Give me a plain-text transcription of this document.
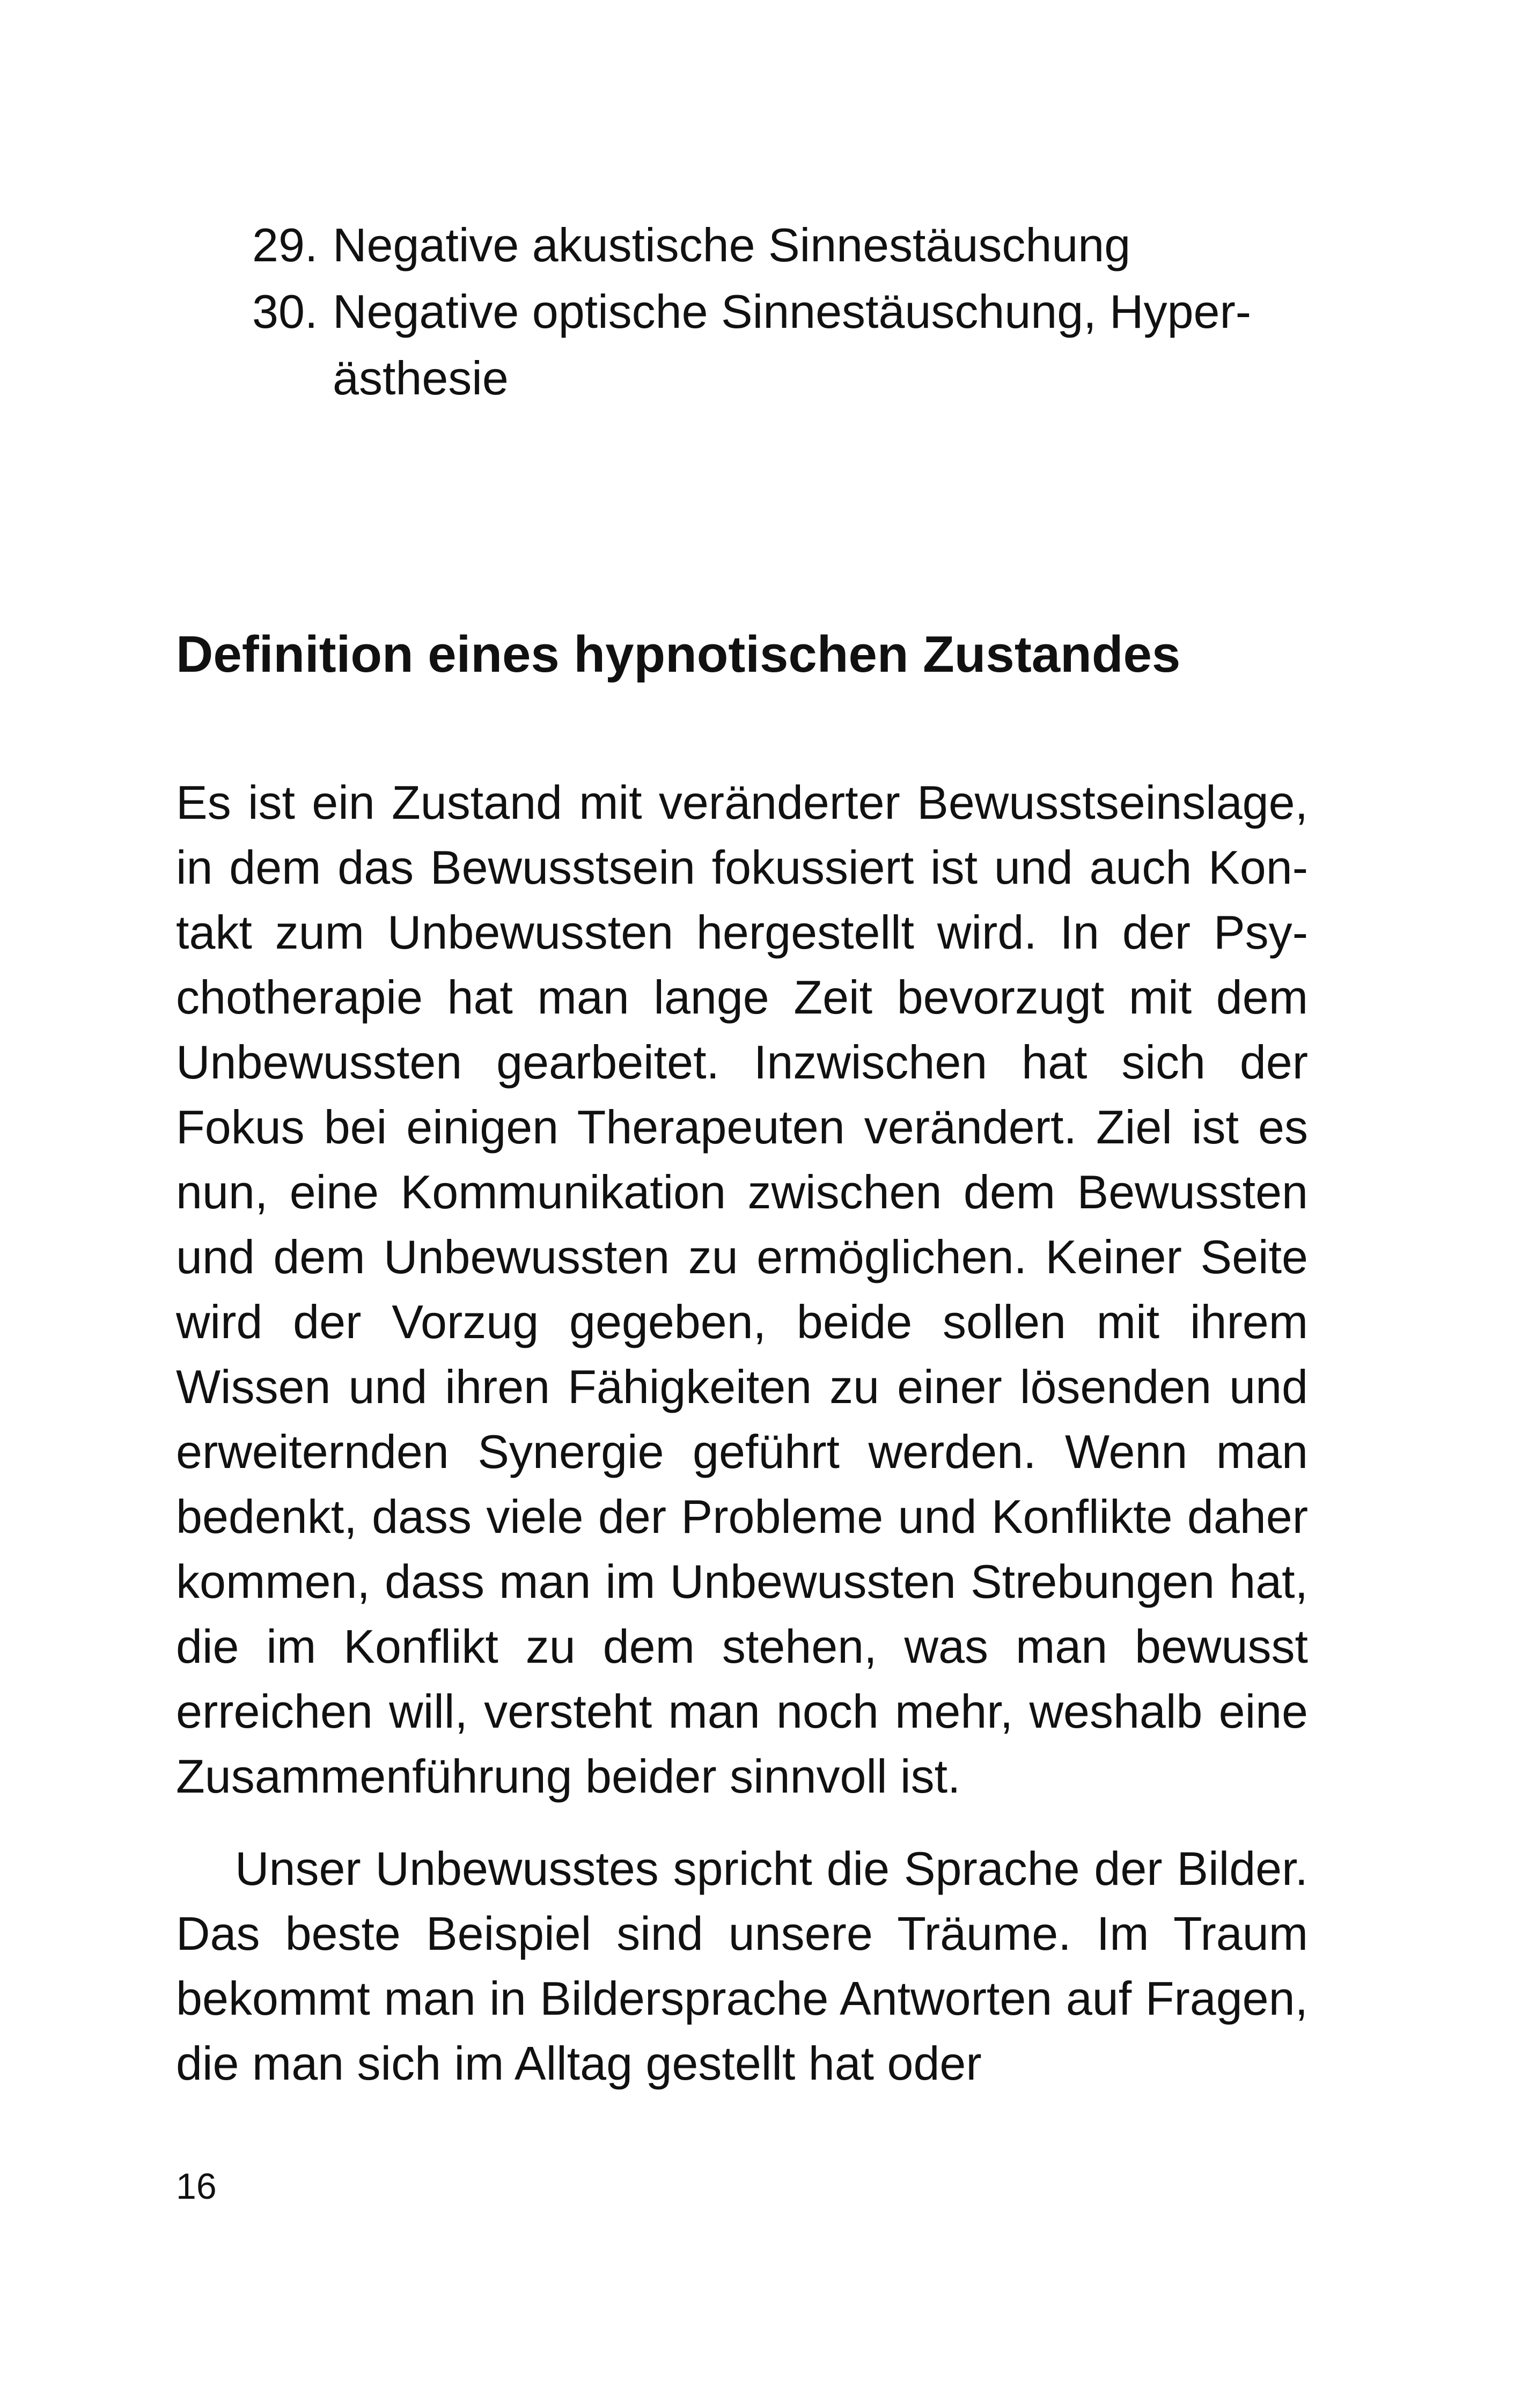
29. Negative akustische Sinnestäuschung
30. Negative optische Sinnestäuschung, Hyperästhesie
Definition eines hypnotischen Zustandes

Es ist ein Zustand mit veränderter Bewusstseinslage, in dem das Bewusstsein fokussiert ist und auch Kontakt zum Unbewussten hergestellt wird. In der Psychotherapie hat man lange Zeit bevorzugt mit dem Unbewussten gearbeitet. Inzwischen hat sich der Fokus bei einigen Therapeuten verändert. Ziel ist es nun, eine Kommunikation zwischen dem Bewussten und dem Unbewussten zu ermöglichen. Keiner Seite wird der Vorzug gegeben, beide sollen mit ihrem Wissen und ihren Fähigkeiten zu einer lösenden und erweiternden Synergie geführt werden. Wenn man bedenkt, dass viele der Probleme und Konflikte daher kommen, dass man im Unbewussten Strebungen hat, die im Konflikt zu dem stehen, was man bewusst erreichen will, versteht man noch mehr, weshalb eine Zusammenführung beider sinnvoll ist.

Unser Unbewusstes spricht die Sprache der Bilder. Das beste Beispiel sind unsere Träume. Im Traum bekommt man in Bildersprache Antworten auf Fragen, die man sich im Alltag gestellt hat oder

16
